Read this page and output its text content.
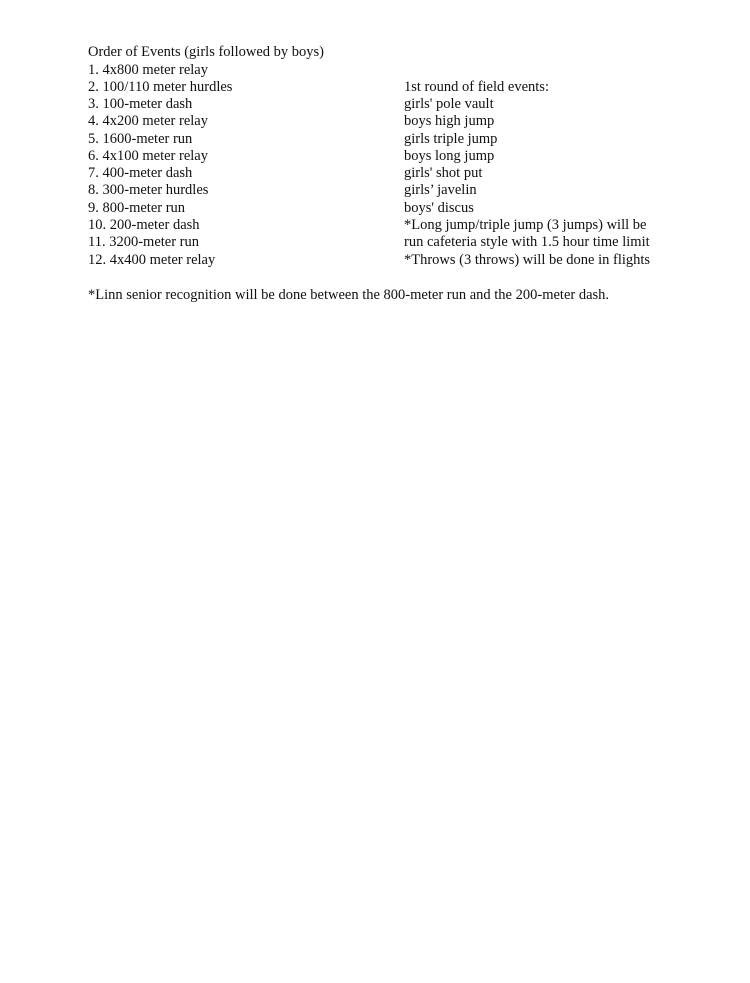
Order of Events (girls followed by boys)

1. 4x800 meter relay

2. 100/110 meter hurdles

3. 100-meter dash

4. 4x200 meter relay

5. 1600-meter run

6. 4x100 meter relay

7. 400-meter dash

8. 300-meter hurdles

9. 800-meter run

10. 200-meter dash

11. 3200-meter run

12. 4x400 meter relay

1st round of field events:

girls' pole vault

boys high jump

girls triple jump

boys long jump

girls' shot put

girls’ javelin

boys' discus

*Long jump/triple jump (3 jumps) will be

run cafeteria style with 1.5 hour time limit

*Throws (3 throws) will be done in flights

*Linn senior recognition will be done between the 800-meter run and the 200-meter dash.
